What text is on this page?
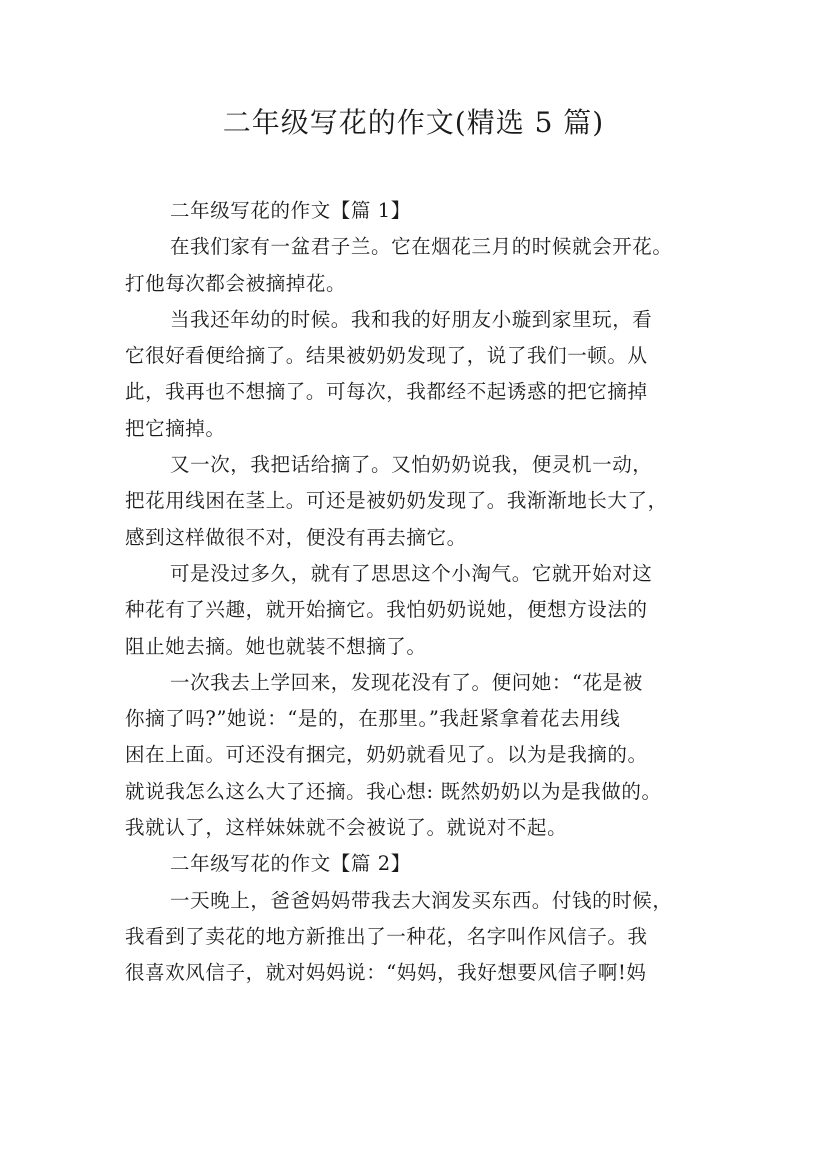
二年级写花的作文(精选 5 篇)
二年级写花的作文【篇 1】
在我们家有一盆君子兰。它在烟花三月的时候就会开花。
打他每次都会被摘掉花。
当我还年幼的时候。我和我的好朋友小璇到家里玩，看
它很好看便给摘了。结果被奶奶发现了，说了我们一顿。从
此，我再也不想摘了。可每次，我都经不起诱惑的把它摘掉
把它摘掉。
又一次，我把话给摘了。又怕奶奶说我，便灵机一动，
把花用线困在茎上。可还是被奶奶发现了。我渐渐地长大了，
感到这样做很不对，便没有再去摘它。
可是没过多久，就有了思思这个小淘气。它就开始对这
种花有了兴趣，就开始摘它。我怕奶奶说她，便想方设法的
阻止她去摘。她也就装不想摘了。
一次我去上学回来，发现花没有了。便问她：“花是被
你摘了吗?”她说：“是的，在那里。”我赶紧拿着花去用线
困在上面。可还没有捆完，奶奶就看见了。以为是我摘的。
就说我怎么这么大了还摘。我心想: 既然奶奶以为是我做的。
我就认了，这样妹妹就不会被说了。就说对不起。
二年级写花的作文【篇 2】
一天晚上，爸爸妈妈带我去大润发买东西。付钱的时候，
我看到了卖花的地方新推出了一种花，名字叫作风信子。我
很喜欢风信子，就对妈妈说：“妈妈，我好想要风信子啊!妈
